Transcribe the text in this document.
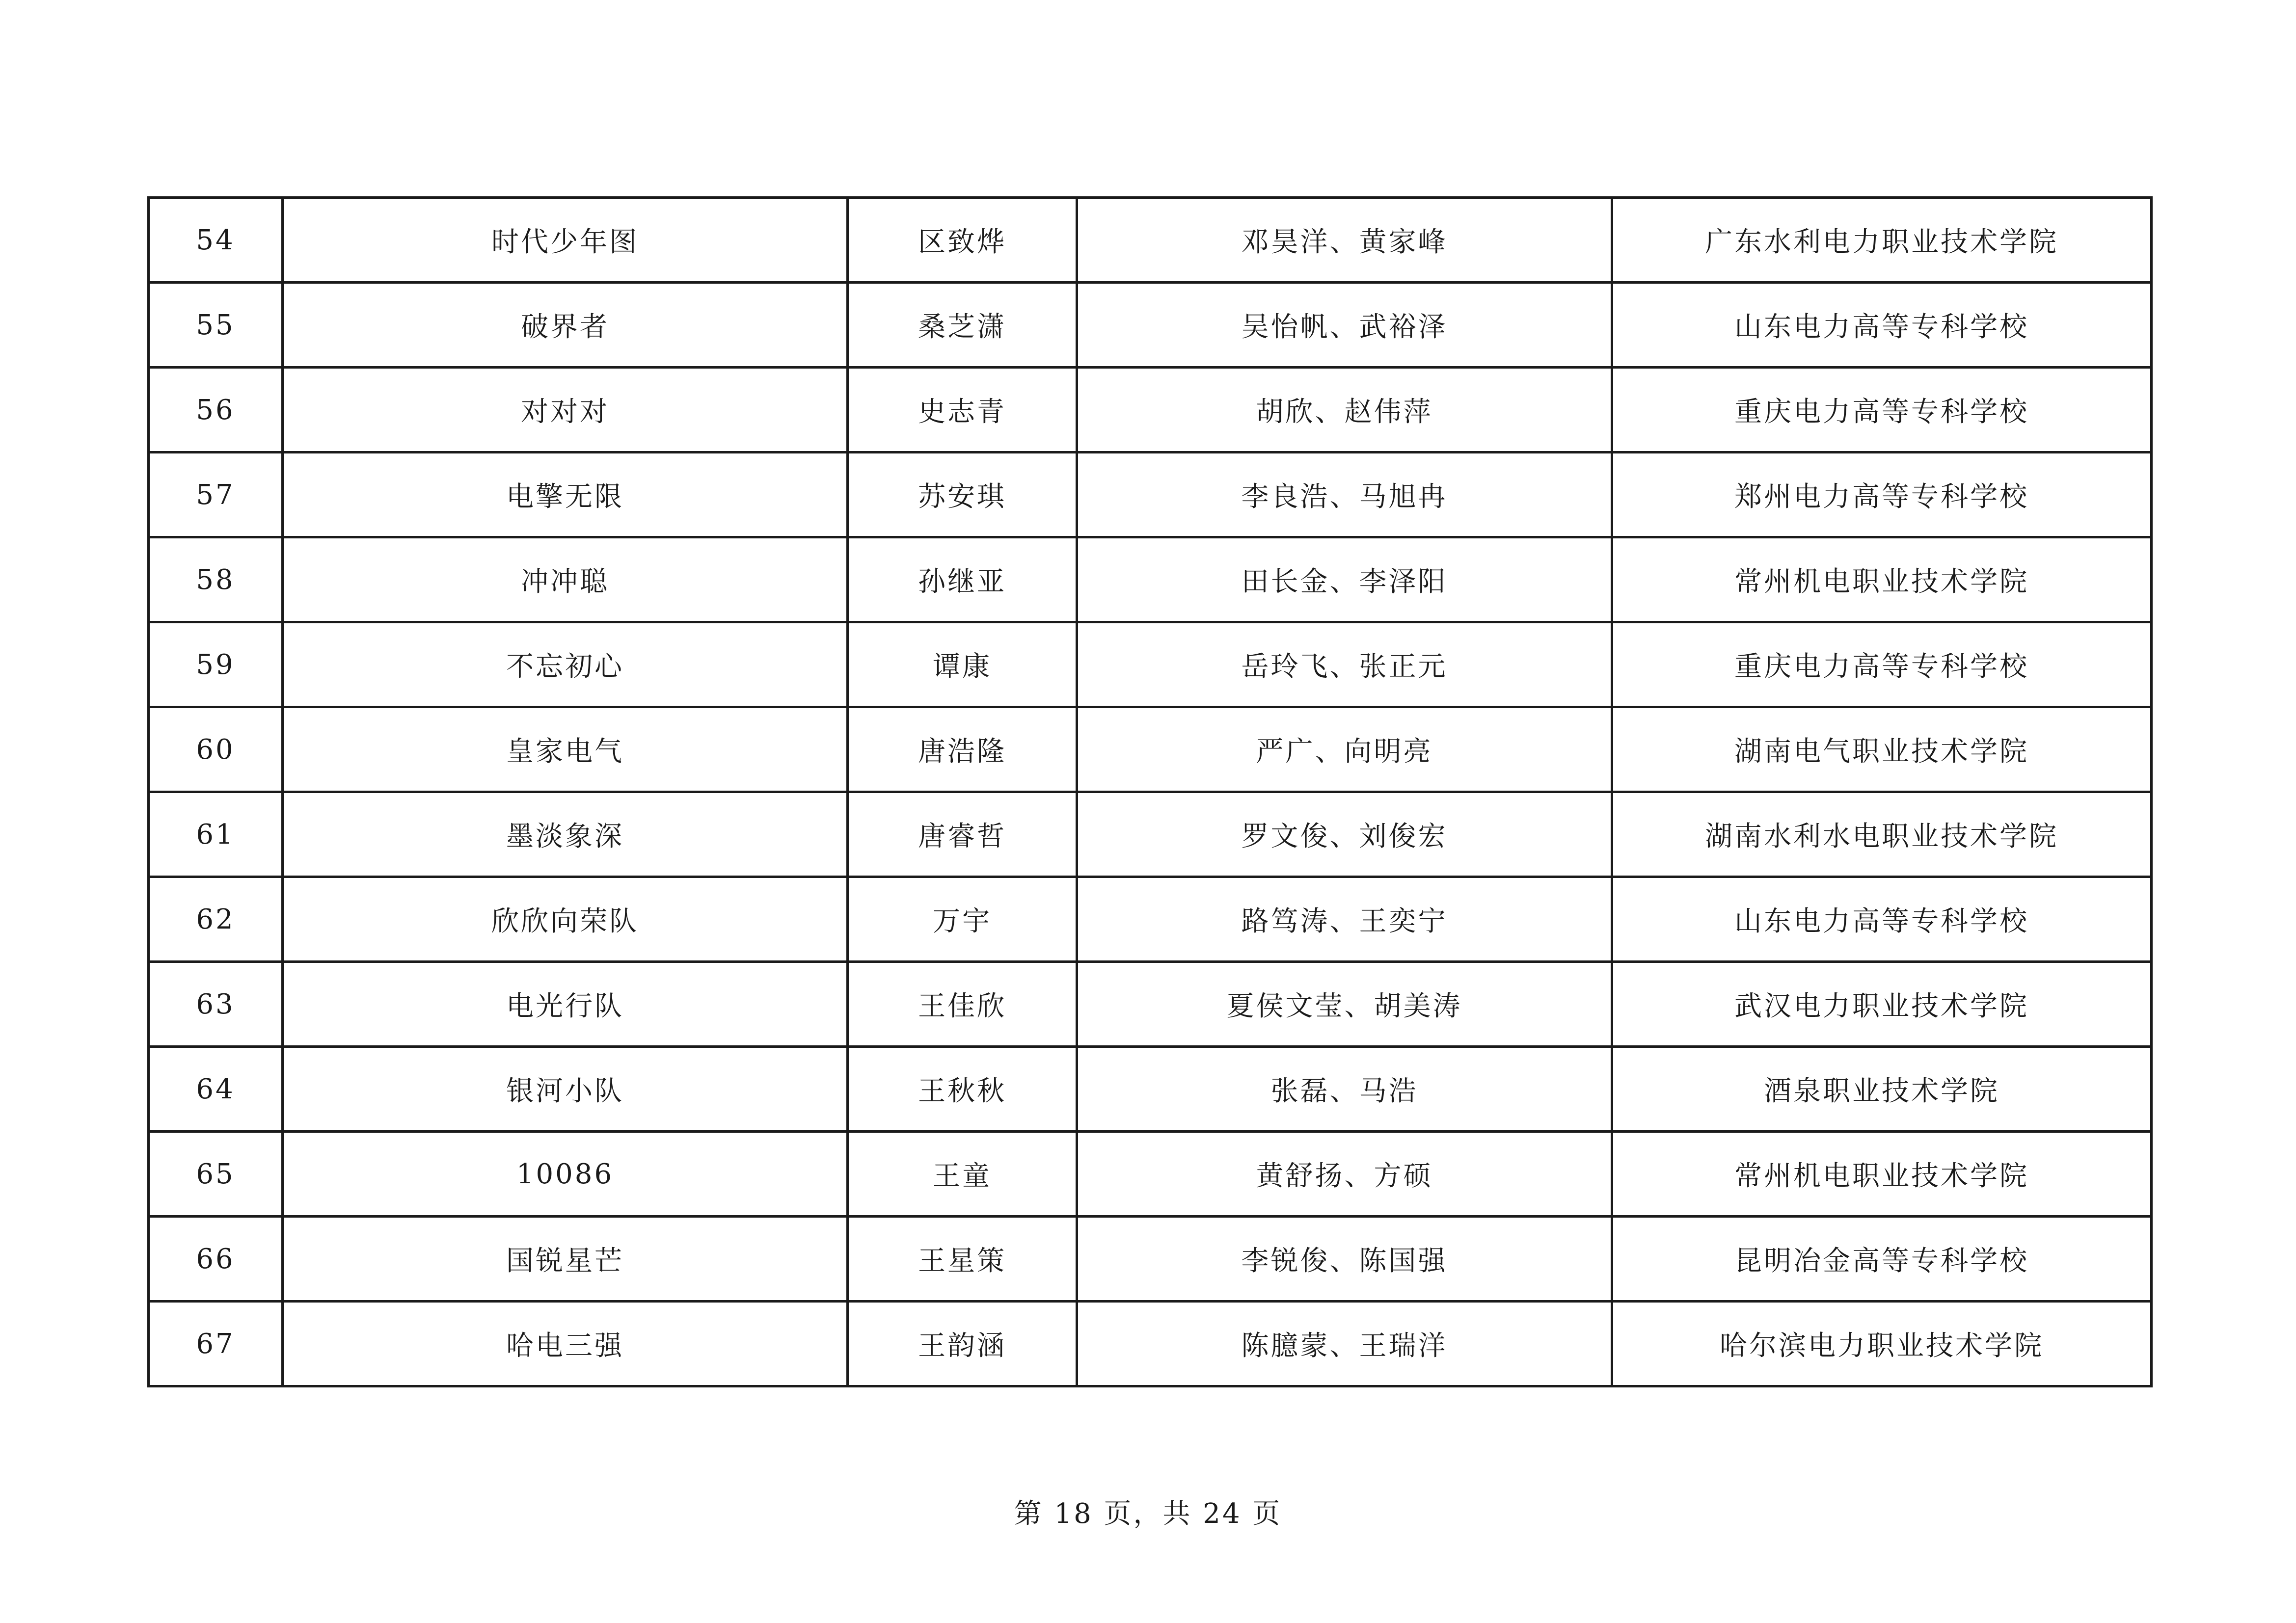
54	时代少年图	区致烨	邓昊洋、黄家峰	广东水利电力职业技术学院
55	破界者	桑芝潇	吴怡帆、武裕泽	山东电力高等专科学校
56	对对对	史志青	胡欣、赵伟萍	重庆电力高等专科学校
57	电擎无限	苏安琪	李良浩、马旭冉	郑州电力高等专科学校
58	冲冲聪	孙继亚	田长金、李泽阳	常州机电职业技术学院
59	不忘初心	谭康	岳玲飞、张正元	重庆电力高等专科学校
60	皇家电气	唐浩隆	严广、向明亮	湖南电气职业技术学院
61	墨淡象深	唐睿哲	罗文俊、刘俊宏	湖南水利水电职业技术学院
62	欣欣向荣队	万宇	路笃涛、王奕宁	山东电力高等专科学校
63	电光行队	王佳欣	夏侯文莹、胡美涛	武汉电力职业技术学院
64	银河小队	王秋秋	张磊、马浩	酒泉职业技术学院
65	10086	王童	黄舒扬、方硕	常州机电职业技术学院
66	国锐星芒	王星策	李锐俊、陈国强	昆明冶金高等专科学校
67	哈电三强	王韵涵	陈臆蒙、王瑞洋	哈尔滨电力职业技术学院
第 18 页，共 24 页
